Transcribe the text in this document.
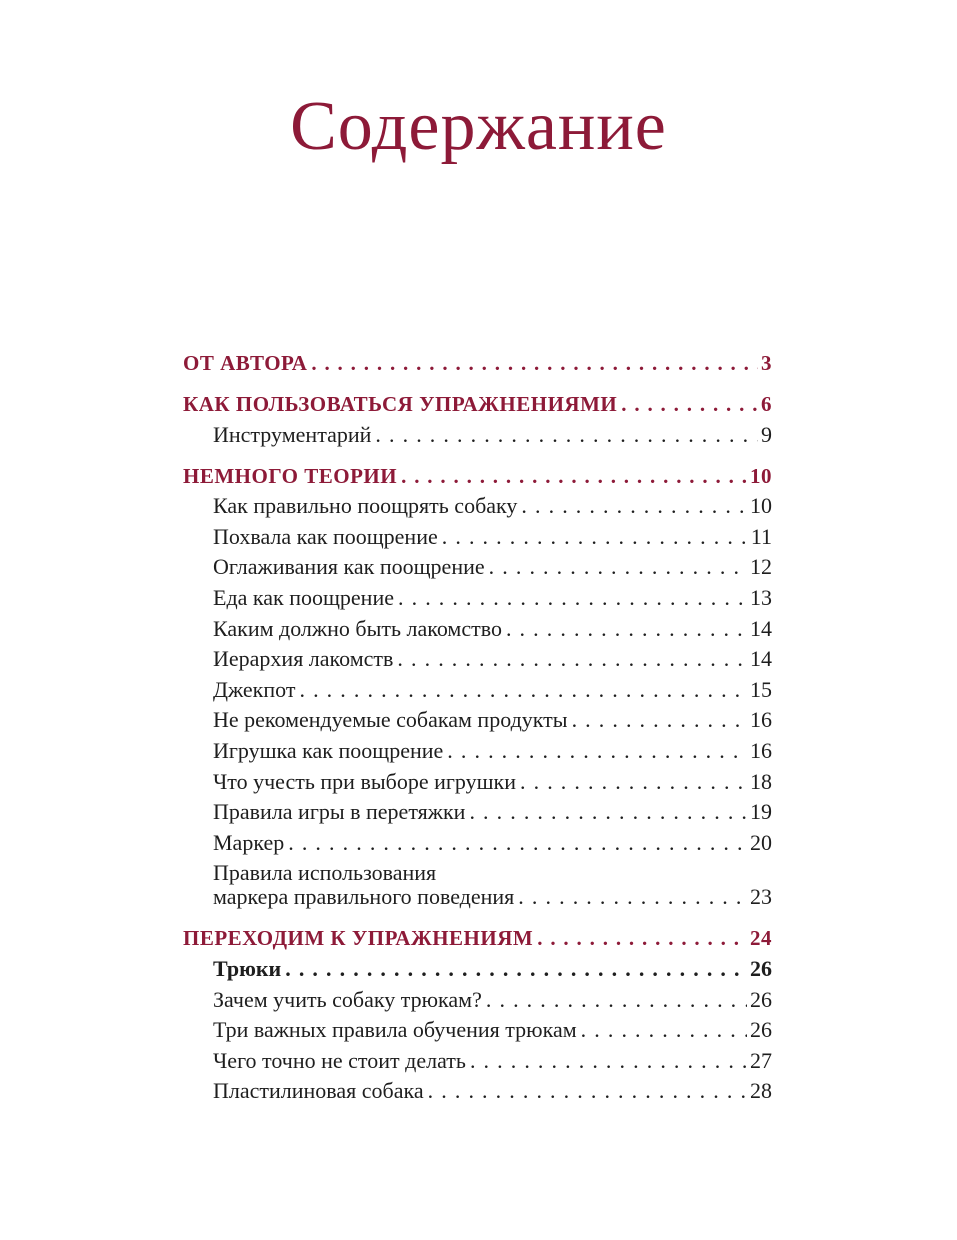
Содержание
ОТ АВТОРА . . .	3
КАК ПОЛЬЗОВАТЬСЯ УПРАЖНЕНИЯМИ . . .	6
Инструментарий . . .	9
НЕМНОГО ТЕОРИИ . . .	10
Как правильно поощрять собаку . . .	10
Похвала как поощрение . . .	11
Оглаживания как поощрение . . .	12
Еда как поощрение . . .	13
Каким должно быть лакомство . . .	14
Иерархия лакомств . . .	14
Джекпот . . .	15
Не рекомендуемые собакам продукты . . .	16
Игрушка как поощрение . . .	16
Что учесть при выборе игрушки . . .	18
Правила игры в перетяжки . . .	19
Маркер . . .	20
Правила использования
маркера правильного поведения . . .	23
ПЕРЕХОДИМ К УПРАЖНЕНИЯМ . . .	24
Трюки . . .	26
Зачем учить собаку трюкам? . . .	26
Три важных правила обучения трюкам . . .	26
Чего точно не стоит делать . . .	27
Пластилиновая собака . . .	28
